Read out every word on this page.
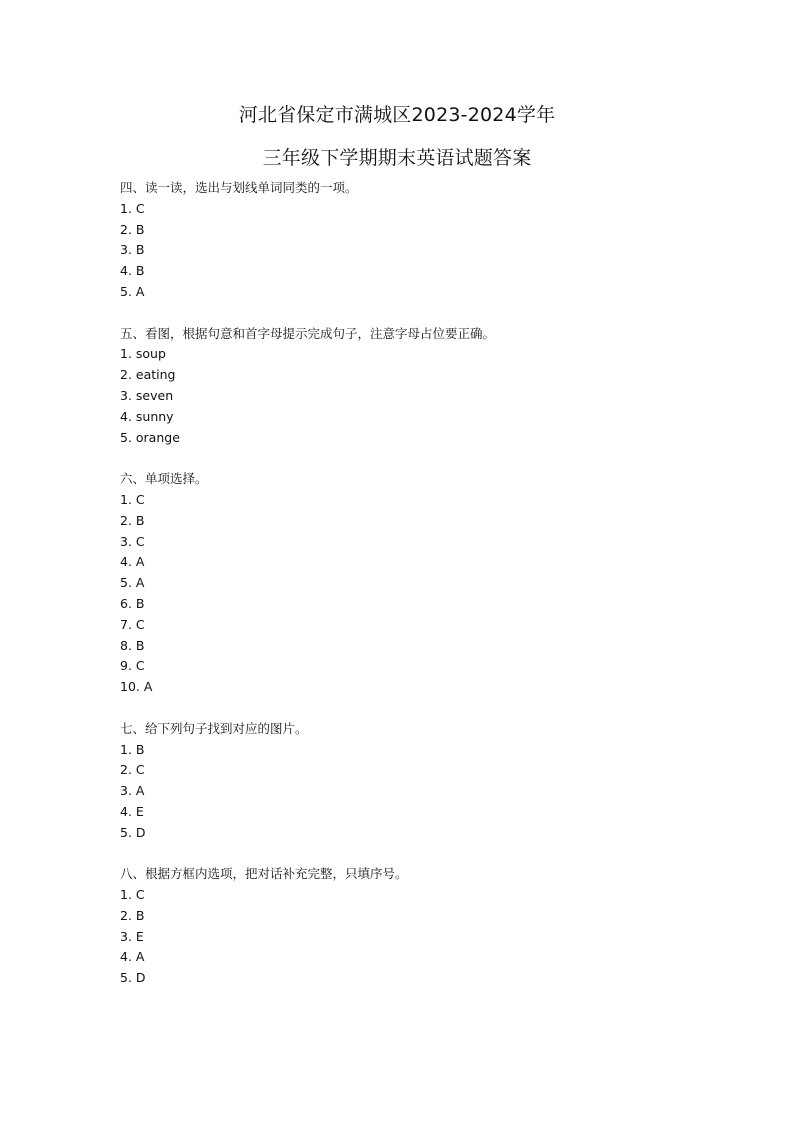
河北省保定市满城区2023-2024学年
三年级下学期期末英语试题答案
四、读一读，选出与划线单词同类的一项。
1. C
2. B
3. B
4. B
5. A
五、看图，根据句意和首字母提示完成句子，注意字母占位要正确。
1. soup
2. eating
3. seven
4. sunny
5. orange
六、单项选择。
1. C
2. B
3. C
4. A
5. A
6. B
7. C
8. B
9. C
10. A
七、给下列句子找到对应的图片。
1. B
2. C
3. A
4. E
5. D
八、根据方框内选项，把对话补充完整，只填序号。
1. C
2. B
3. E
4. A
5. D
